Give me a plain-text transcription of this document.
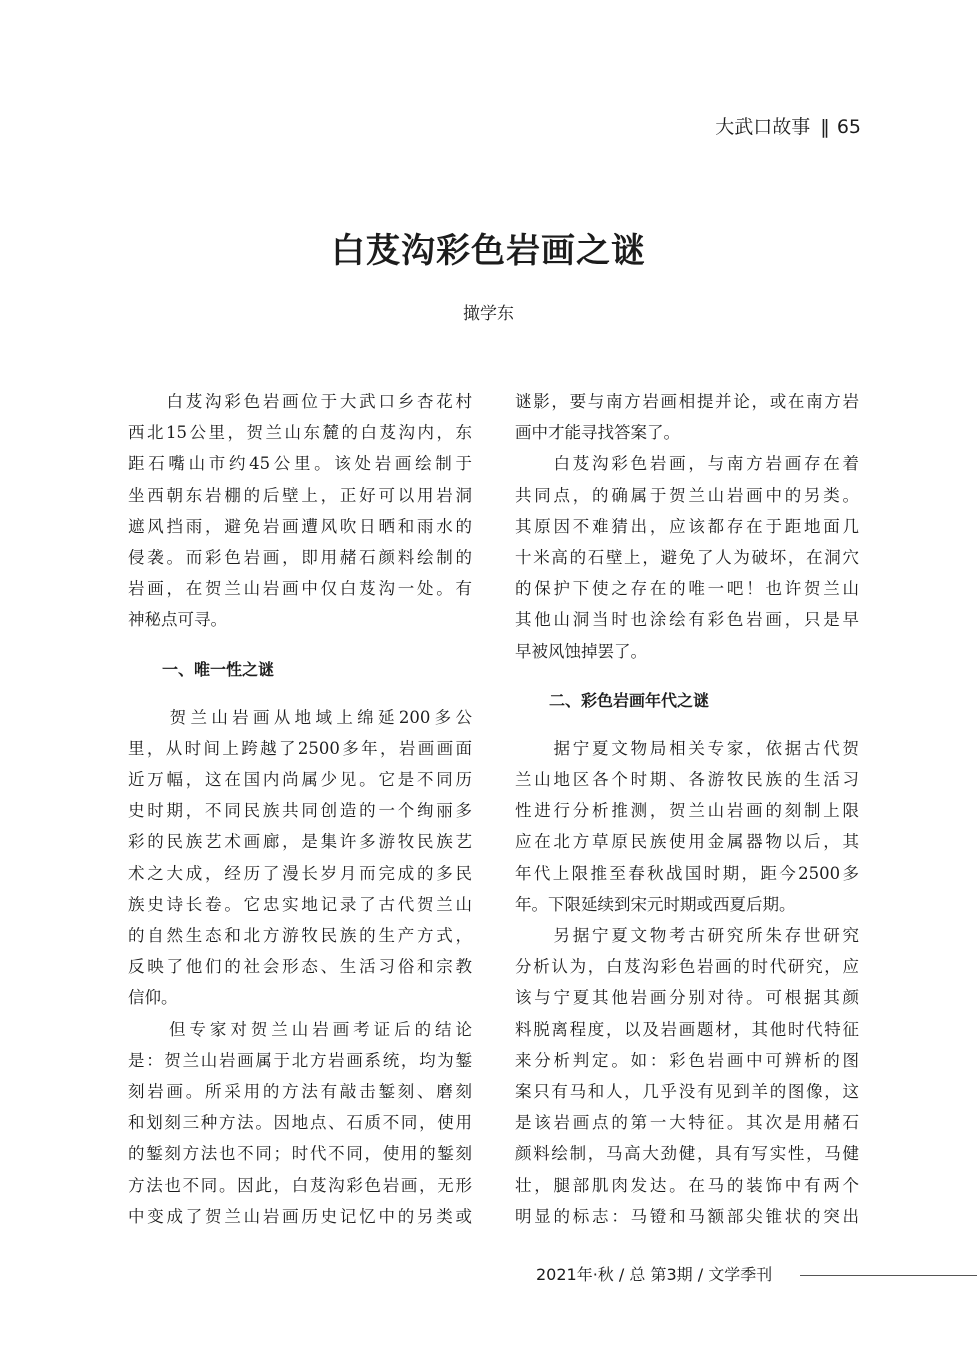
大武口故事 ‖ 65
白芨沟彩色岩画之谜
撖学东
　　白芨沟彩色岩画位于大武口乡杏花村
西北15公里，贺兰山东麓的白芨沟内，东
距石嘴山市约45公里。该处岩画绘制于
坐西朝东岩棚的后壁上，正好可以用岩洞
遮风挡雨，避免岩画遭风吹日晒和雨水的
侵袭。而彩色岩画，即用赭石颜料绘制的
岩画，在贺兰山岩画中仅白芨沟一处。有
神秘点可寻。
一、唯一性之谜
　　贺兰山岩画从地域上绵延200多公
里，从时间上跨越了2500多年，岩画画面
近万幅，这在国内尚属少见。它是不同历
史时期，不同民族共同创造的一个绚丽多
彩的民族艺术画廊，是集许多游牧民族艺
术之大成，经历了漫长岁月而完成的多民
族史诗长卷。它忠实地记录了古代贺兰山
的自然生态和北方游牧民族的生产方式，
反映了他们的社会形态、生活习俗和宗教
信仰。
　　但专家对贺兰山岩画考证后的结论
是：贺兰山岩画属于北方岩画系统，均为錾
刻岩画。所采用的方法有敲击錾刻、磨刻
和划刻三种方法。因地点、石质不同，使用
的錾刻方法也不同；时代不同，使用的錾刻
方法也不同。因此，白芨沟彩色岩画，无形
中变成了贺兰山岩画历史记忆中的另类或
谜影，要与南方岩画相提并论，或在南方岩
画中才能寻找答案了。
　　白芨沟彩色岩画，与南方岩画存在着
共同点，的确属于贺兰山岩画中的另类。
其原因不难猜出，应该都存在于距地面几
十米高的石壁上，避免了人为破坏，在洞穴
的保护下使之存在的唯一吧！也许贺兰山
其他山洞当时也涂绘有彩色岩画，只是早
早被风蚀掉罢了。
二、彩色岩画年代之谜
　　据宁夏文物局相关专家，依据古代贺
兰山地区各个时期、各游牧民族的生活习
性进行分析推测，贺兰山岩画的刻制上限
应在北方草原民族使用金属器物以后，其
年代上限推至春秋战国时期，距今2500多
年。下限延续到宋元时期或西夏后期。
　　另据宁夏文物考古研究所朱存世研究
分析认为，白芨沟彩色岩画的时代研究，应
该与宁夏其他岩画分别对待。可根据其颜
料脱离程度，以及岩画题材，其他时代特征
来分析判定。如：彩色岩画中可辨析的图
案只有马和人，几乎没有见到羊的图像，这
是该岩画点的第一大特征。其次是用赭石
颜料绘制，马高大劲健，具有写实性，马健
壮，腿部肌肉发达。在马的装饰中有两个
明显的标志：马镫和马额部尖锥状的突出
2021年·秋 / 总 第3期 / 文学季刊
